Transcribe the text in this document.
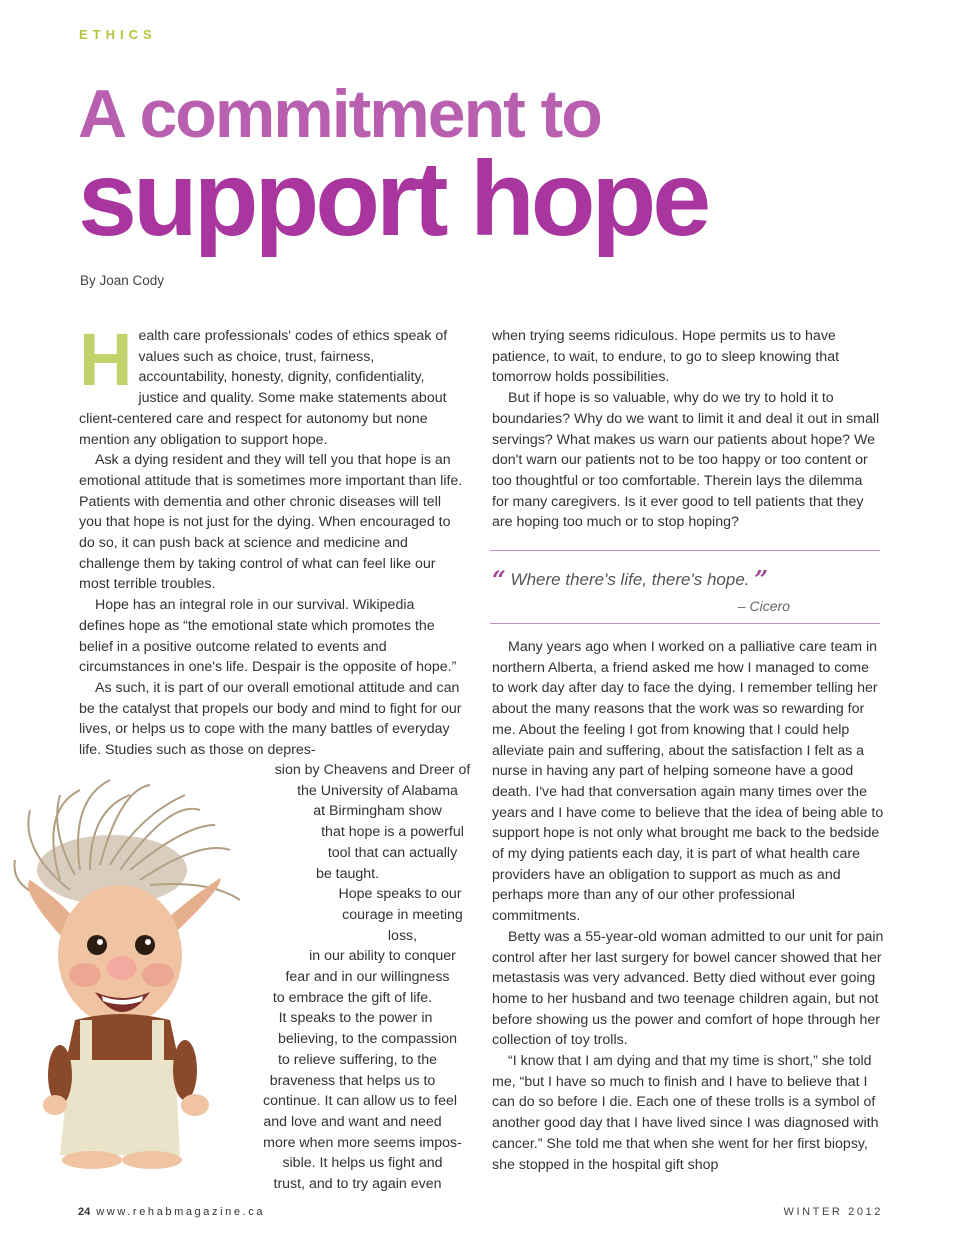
ETHICS
A commitment to
support hope
By Joan Cody

Health care professionals' codes of ethics speak of values such as choice, trust, fairness, accountability, honesty, dignity, confidentiality, justice and quality. Some make statements about client-centered care and respect for autonomy but none mention any obligation to support hope.

Ask a dying resident and they will tell you that hope is an emotional attitude that is sometimes more important than life. Patients with dementia and other chronic diseases will tell you that hope is not just for the dying. When encouraged to do so, it can push back at science and medicine and challenge them by taking control of what can feel like our most terrible troubles.

Hope has an integral role in our survival. Wikipedia defines hope as “the emotional state which promotes the belief in a positive outcome related to events and circumstances in one's life. Despair is the opposite of hope.”

As such, it is part of our overall emotional attitude and can be the catalyst that propels our body and mind to fight for our lives, or helps us to cope with the many battles of everyday life. Studies such as those on depres-

sion by Cheavens and Dreer of
the University of Alabama
at Birmingham show
that hope is a powerful
tool that can actually
be taught.
Hope speaks to our
courage in meeting loss,
in our ability to conquer
fear and in our willingness
to embrace the gift of life.
It speaks to the power in
believing, to the compassion
to relieve suffering, to the
braveness that helps us to
continue. It can allow us to feel
and love and want and need
more when more seems impos-
sible. It helps us fight and
trust, and to try again even

when trying seems ridiculous. Hope permits us to have patience, to wait, to endure, to go to sleep knowing that tomorrow holds possibilities.

But if hope is so valuable, why do we try to hold it to boundaries? Why do we want to limit it and deal it out in small servings? What makes us warn our patients about hope? We don't warn our patients not to be too happy or too content or too thoughtful or too comfortable. Therein lays the dilemma for many caregivers. Is it ever good to tell patients that they are hoping too much or to stop hoping?

“ Where there's life, there's hope. ”
– Cicero

Many years ago when I worked on a palliative care team in northern Alberta, a friend asked me how I managed to come to work day after day to face the dying. I remember telling her about the many reasons that the work was so rewarding for me. About the feeling I got from knowing that I could help alleviate pain and suffering, about the satisfaction I felt as a nurse in having any part of helping someone have a good death. I've had that conversation again many times over the years and I have come to believe that the idea of being able to support hope is not only what brought me back to the bedside of my dying patients each day, it is part of what health care providers have an obligation to support as much as and perhaps more than any of our other professional commitments.

Betty was a 55-year-old woman admitted to our unit for pain control after her last surgery for bowel cancer showed that her metastasis was very advanced. Betty died without ever going home to her husband and two teenage children again, but not before showing us the power and comfort of hope through her collection of toy trolls.

“I know that I am dying and that my time is short,” she told me, “but I have so much to finish and I have to believe that I can do so before I die. Each one of these trolls is a symbol of another good day that I have lived since I was diagnosed with cancer.” She told me that when she went for her first biopsy, she stopped in the hospital gift shop

24 www.rehabmagazine.ca	WINTER 2012
